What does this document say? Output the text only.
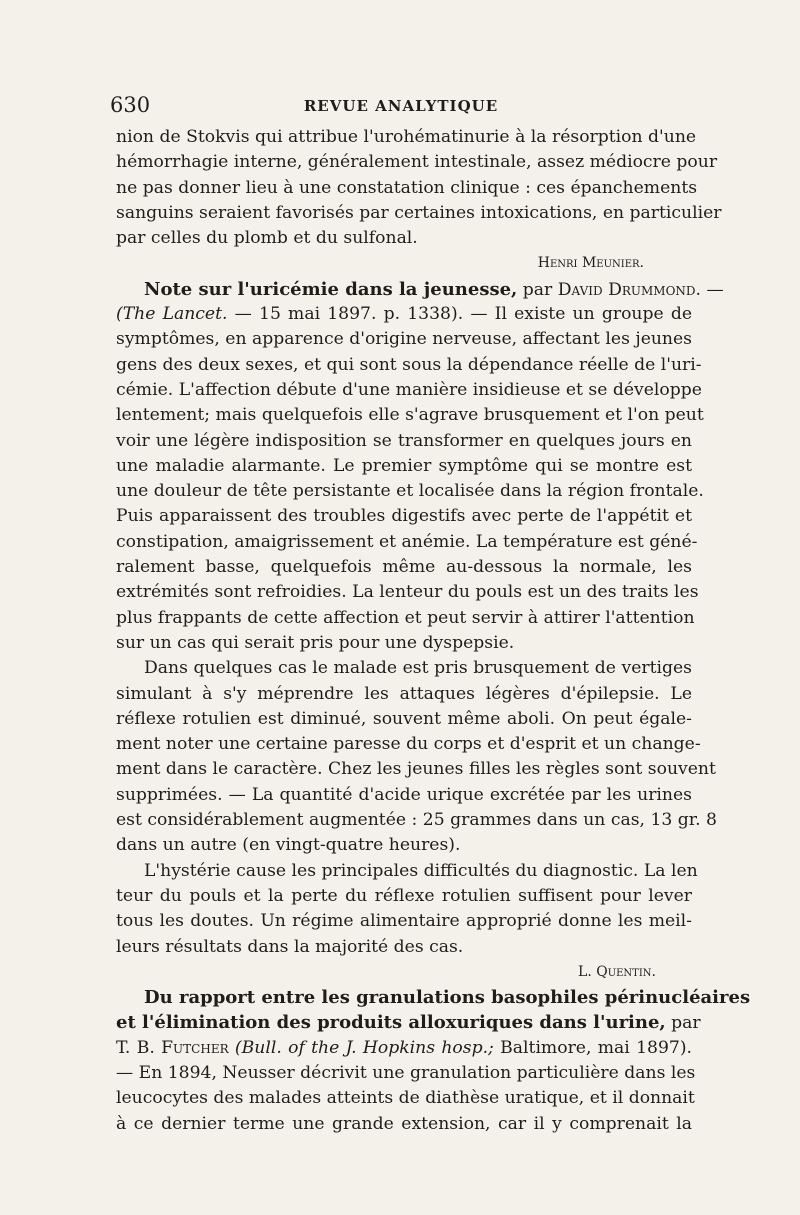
630	REVUE ANALYTIQUE
nion de Stokvis qui attribue l'urohématinurie à la résorption d'une
hémorrhagie interne, généralement intestinale, assez médiocre pour
ne pas donner lieu à une constatation clinique : ces épanchements
sanguins seraient favorisés par certaines intoxications, en particulier
par celles du plomb et du sulfonal.
Henri Meunier.
Note sur l'uricémie dans la jeunesse, par David Drummond. —
(The Lancet. — 15 mai 1897. p. 1338). — Il existe un groupe de
symptômes, en apparence d'origine nerveuse, affectant les jeunes
gens des deux sexes, et qui sont sous la dépendance réelle de l'uri-
cémie. L'affection débute d'une manière insidieuse et se développe
lentement; mais quelquefois elle s'agrave brusquement et l'on peut
voir une légère indisposition se transformer en quelques jours en
une maladie alarmante. Le premier symptôme qui se montre est
une douleur de tête persistante et localisée dans la région frontale.
Puis apparaissent des troubles digestifs avec perte de l'appétit et
constipation, amaigrissement et anémie. La température est géné-
ralement basse, quelquefois même au-dessous la normale, les
extrémités sont refroidies. La lenteur du pouls est un des traits les
plus frappants de cette affection et peut servir à attirer l'attention
sur un cas qui serait pris pour une dyspepsie.
Dans quelques cas le malade est pris brusquement de vertiges
simulant à s'y méprendre les attaques légères d'épilepsie. Le
réflexe rotulien est diminué, souvent même aboli. On peut égale-
ment noter une certaine paresse du corps et d'esprit et un change-
ment dans le caractère. Chez les jeunes filles les règles sont souvent
supprimées. — La quantité d'acide urique excrétée par les urines
est considérablement augmentée : 25 grammes dans un cas, 13 gr. 8
dans un autre (en vingt-quatre heures).
L'hystérie cause les principales difficultés du diagnostic. La len
teur du pouls et la perte du réflexe rotulien suffisent pour lever
tous les doutes. Un régime alimentaire approprié donne les meil-
leurs résultats dans la majorité des cas.
L. Quentin.
Du rapport entre les granulations basophiles périnucléaires
et l'élimination des produits alloxuriques dans l'urine, par
T. B. Futcher (Bull. of the J. Hopkins hosp.; Baltimore, mai 1897).
— En 1894, Neusser décrivit une granulation particulière dans les
leucocytes des malades atteints de diathèse uratique, et il donnait
à ce dernier terme une grande extension, car il y comprenait la
